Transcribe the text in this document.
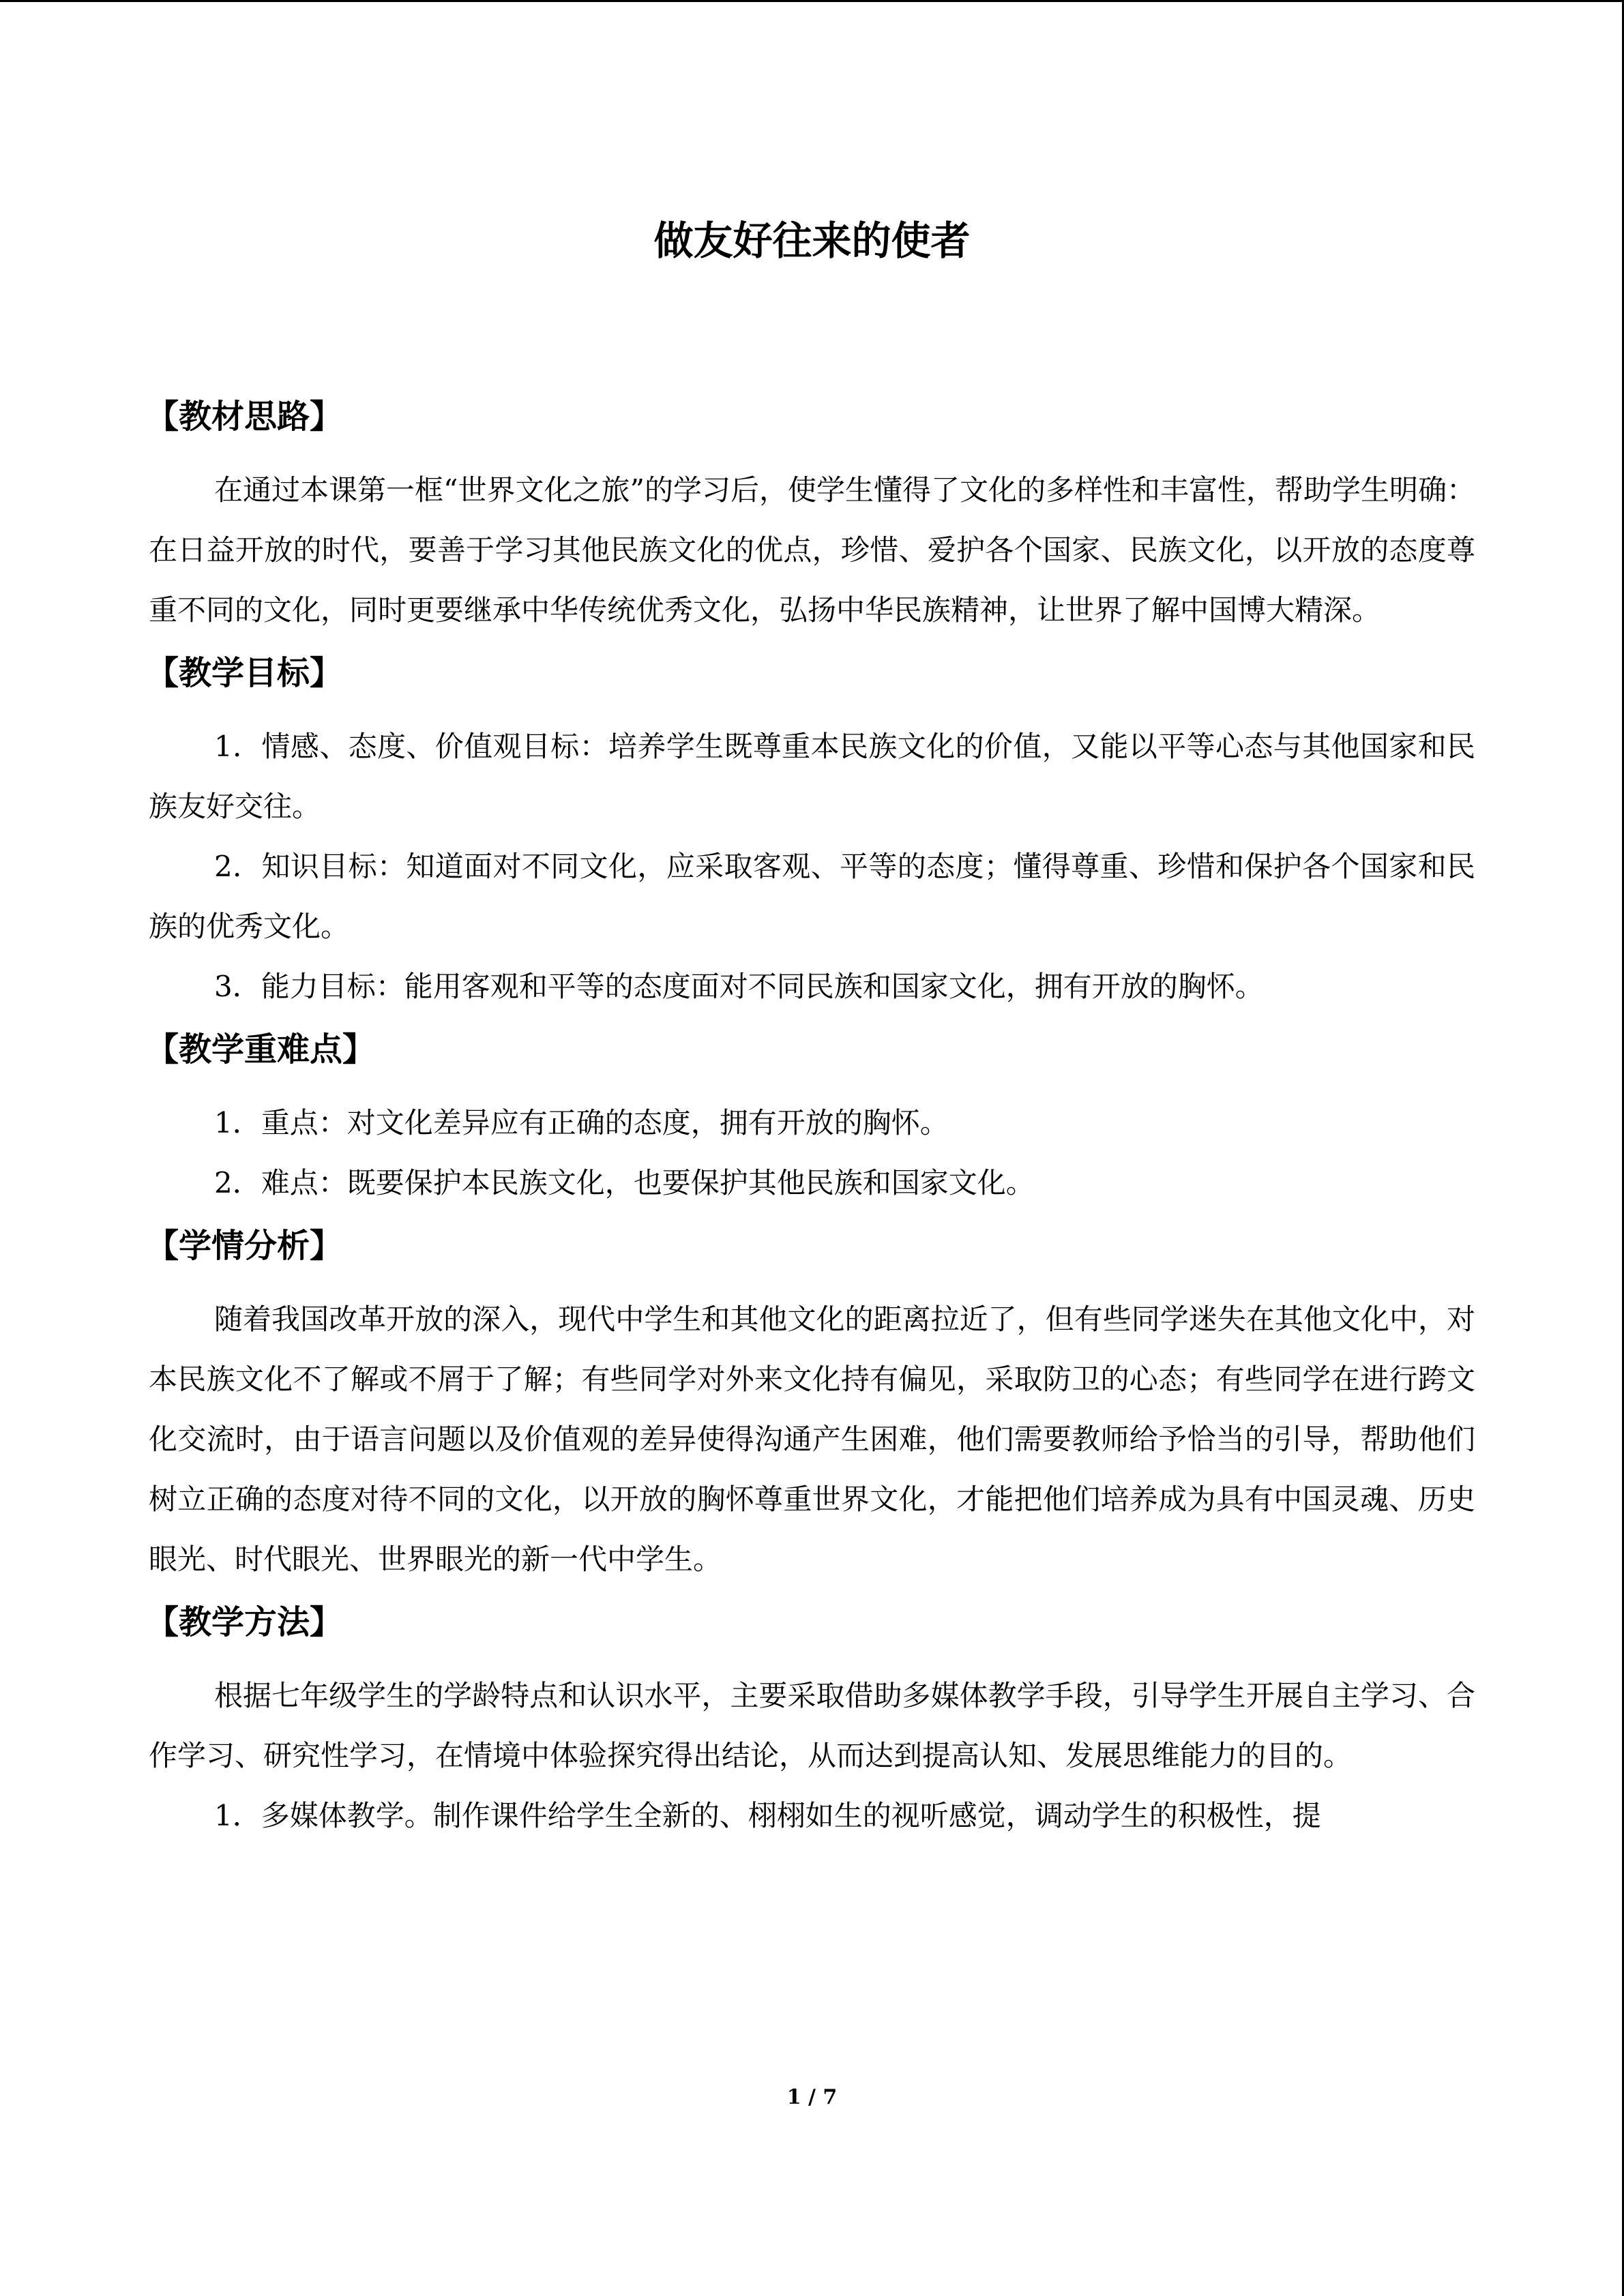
做友好往来的使者
【教材思路】

在通过本课第一框“世界文化之旅”的学习后，使学生懂得了文化的多样性和丰富性，帮助学生明确：在日益开放的时代，要善于学习其他民族文化的优点，珍惜、爱护各个国家、民族文化，以开放的态度尊重不同的文化，同时更要继承中华传统优秀文化，弘扬中华民族精神，让世界了解中国博大精深。

【教学目标】

1．情感、态度、价值观目标：培养学生既尊重本民族文化的价值，又能以平等心态与其他国家和民族友好交往。

2．知识目标：知道面对不同文化，应采取客观、平等的态度；懂得尊重、珍惜和保护各个国家和民族的优秀文化。

3．能力目标：能用客观和平等的态度面对不同民族和国家文化，拥有开放的胸怀。

【教学重难点】

1．重点：对文化差异应有正确的态度，拥有开放的胸怀。

2．难点：既要保护本民族文化，也要保护其他民族和国家文化。

【学情分析】

随着我国改革开放的深入，现代中学生和其他文化的距离拉近了，但有些同学迷失在其他文化中，对本民族文化不了解或不屑于了解；有些同学对外来文化持有偏见，采取防卫的心态；有些同学在进行跨文化交流时，由于语言问题以及价值观的差异使得沟通产生困难，他们需要教师给予恰当的引导，帮助他们树立正确的态度对待不同的文化，以开放的胸怀尊重世界文化，才能把他们培养成为具有中国灵魂、历史眼光、时代眼光、世界眼光的新一代中学生。

【教学方法】

根据七年级学生的学龄特点和认识水平，主要采取借助多媒体教学手段，引导学生开展自主学习、合作学习、研究性学习，在情境中体验探究得出结论，从而达到提高认知、发展思维能力的目的。

1．多媒体教学。制作课件给学生全新的、栩栩如生的视听感觉，调动学生的积极性，提

1 / 7
